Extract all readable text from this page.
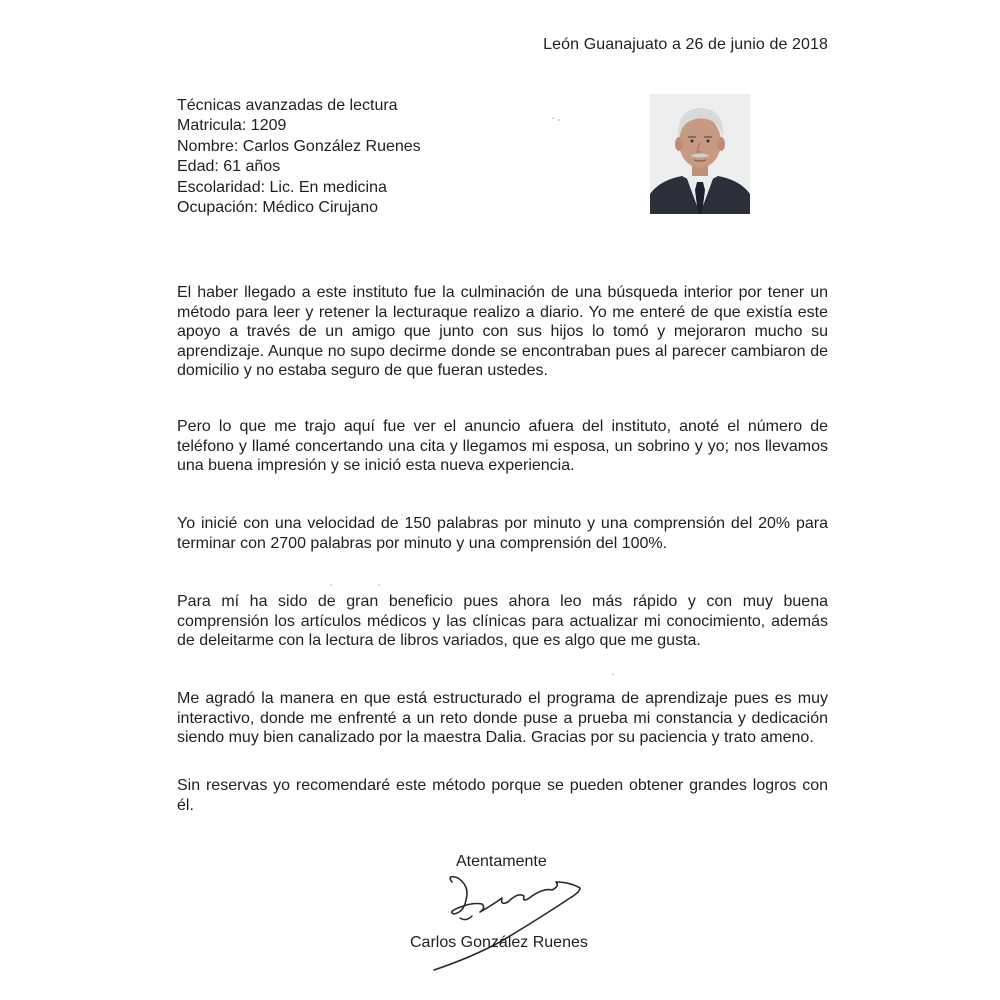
León Guanajuato a 26 de junio de 2018
Técnicas avanzadas de lectura
Matricula: 1209
Nombre: Carlos González Ruenes
Edad: 61 años
Escolaridad: Lic. En medicina
Ocupación: Médico Cirujano
El haber llegado a este instituto fue la culminación de una búsqueda interior por tener un método para leer y retener la lecturaque realizo a diario. Yo me enteré de que existía este apoyo a través de un amigo que junto con sus hijos lo tomó y mejoraron mucho su aprendizaje. Aunque no supo decirme donde se encontraban pues al parecer cambiaron de domicilio y no estaba seguro de que fueran ustedes.
Pero lo que me trajo aquí fue ver el anuncio afuera del instituto, anoté el número de teléfono y llamé concertando una cita y llegamos mi esposa, un sobrino y yo; nos llevamos una buena impresión y se inició esta nueva experiencia.
Yo inicié con una velocidad de 150 palabras por minuto y una comprensión del 20% para terminar con 2700 palabras por minuto y una comprensión del 100%.
Para mí ha sido de gran beneficio pues ahora leo más rápido y con muy buena comprensión los artículos médicos y las clínicas para actualizar mi conocimiento, además de deleitarme con la lectura de libros variados, que es algo que me gusta.
Me agradó la manera en que está estructurado el programa de aprendizaje pues es muy interactivo, donde me enfrenté a un reto donde puse a prueba mi constancia y dedicación siendo muy bien canalizado por la maestra Dalia. Gracias por su paciencia y trato ameno.
Sin reservas yo recomendaré este método porque se pueden obtener grandes logros con él.
Atentamente
Carlos González Ruenes
